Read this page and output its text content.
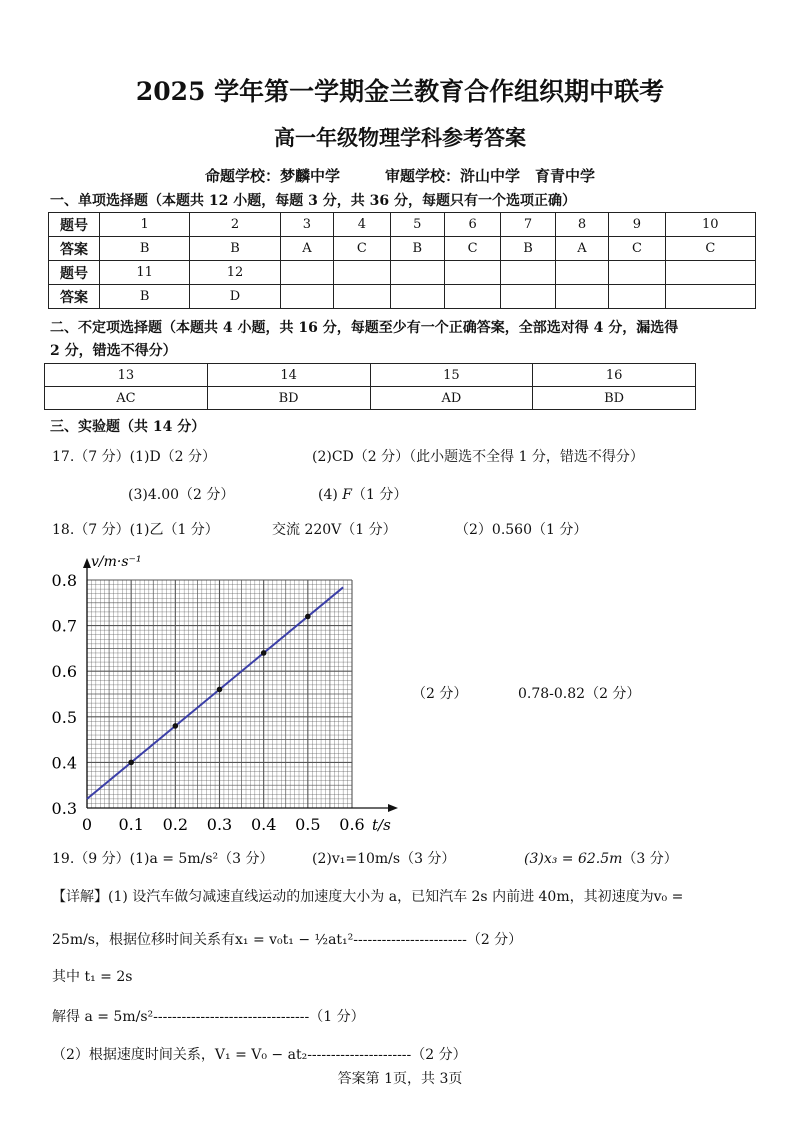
2025 学年第一学期金兰教育合作组织期中联考
高一年级物理学科参考答案
命题学校：梦麟中学　　　审题学校：浒山中学　育青中学
一、单项选择题（本题共 12 小题，每题 3 分，共 36 分，每题只有一个选项正确）
题号	1	2	3	4	5	6	7	8	9	10
答案	B	B	A	C	B	C	B	A	C	C
题号	11	12								
答案	B	D								
二、不定项选择题（本题共 4 小题，共 16 分，每题至少有一个正确答案，全部选对得 4 分，漏选得
2 分，错选不得分）
13	14	15	16
AC	BD	AD	BD
三、实验题（共 14 分）
17.（7 分）(1)D（2 分）	(2)CD（2 分）（此小题选不全得 1 分，错选不得分）
(3)4.00（2 分）	(4) F（1 分）
18.（7 分）(1)乙（1 分）	交流 220V（1 分）	（2）0.560（1 分）
0 0.1 0.2 0.3 0.4 0.5 0.6
0.3
0.4
0.5
0.6
0.7
0.8
v/m·s⁻¹
t/s
（2 分）	0.78-0.82（2 分）
19.（9 分）(1)a = 5m/s²（3 分）	(2)v₁=10m/s（3 分）	(3)x₃ = 62.5m（3 分）
【详解】(1) 设汽车做匀减速直线运动的加速度大小为 a，已知汽车 2s 内前进 40m，其初速度为v₀ =
25m/s，根据位移时间关系有x₁ = v₀t₁ − ½at₁²------------------------（2 分）
其中 t₁ = 2s
解得 a = 5m/s²---------------------------------（1 分）
（2）根据速度时间关系，V₁ = V₀ − at₂----------------------（2 分）
答案第 1页，共 3页
